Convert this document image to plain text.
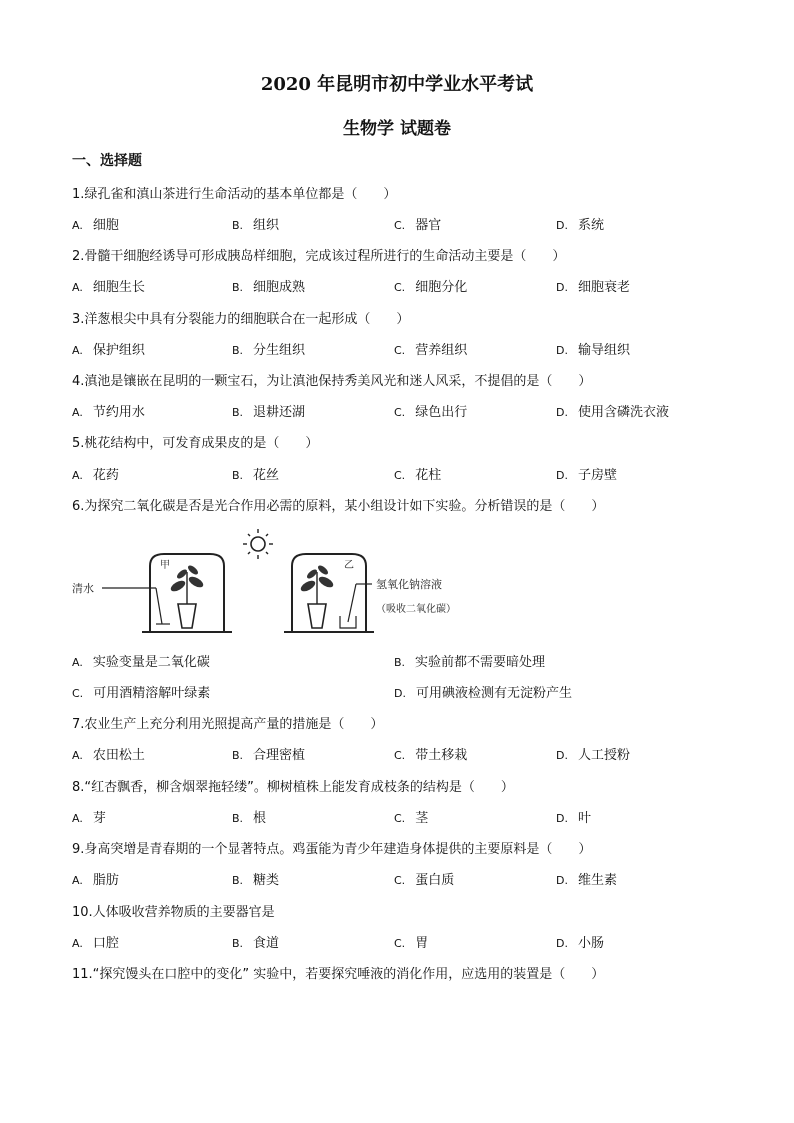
2020 年昆明市初中学业水平考试
生物学 试题卷
一、选择题
1.绿孔雀和滇山茶进行生命活动的基本单位都是（　　）
A. 细胞	B. 组织	C. 器官	D. 系统
2.骨髓干细胞经诱导可形成胰岛样细胞，完成该过程所进行的生命活动主要是（　　）
A. 细胞生长	B. 细胞成熟	C. 细胞分化	D. 细胞衰老
3.洋葱根尖中具有分裂能力的细胞联合在一起形成（　　）
A. 保护组织	B. 分生组织	C. 营养组织	D. 输导组织
4.滇池是镶嵌在昆明的一颗宝石，为让滇池保持秀美风光和迷人风采，不提倡的是（　　）
A. 节约用水	B. 退耕还湖	C. 绿色出行	D. 使用含磷洗衣液
5.桃花结构中，可发育成果皮的是（　　）
A. 花药	B. 花丝	C. 花柱	D. 子房壁
6.为探究二氧化碳是否是光合作用必需的原料，某小组设计如下实验。分析错误的是（　　）
清水
甲	乙
氢氧化钠溶液
（吸收二氧化碳）
A. 实验变量是二氧化碳	B. 实验前都不需要暗处理
C. 可用酒精溶解叶绿素	D. 可用碘液检测有无淀粉产生
7.农业生产上充分利用光照提高产量的措施是（　　）
A. 农田松土	B. 合理密植	C. 带土移栽	D. 人工授粉
8.“红杏飘香，柳含烟翠拖轻缕”。柳树植株上能发育成枝条的结构是（　　）
A. 芽	B. 根	C. 茎	D. 叶
9.身高突增是青春期的一个显著特点。鸡蛋能为青少年建造身体提供的主要原料是（　　）
A. 脂肪	B. 糖类	C. 蛋白质	D. 维生素
10.人体吸收营养物质的主要器官是
A. 口腔	B. 食道	C. 胃	D. 小肠
11.“探究馒头在口腔中的变化” 实验中，若要探究唾液的消化作用，应选用的装置是（　　）
